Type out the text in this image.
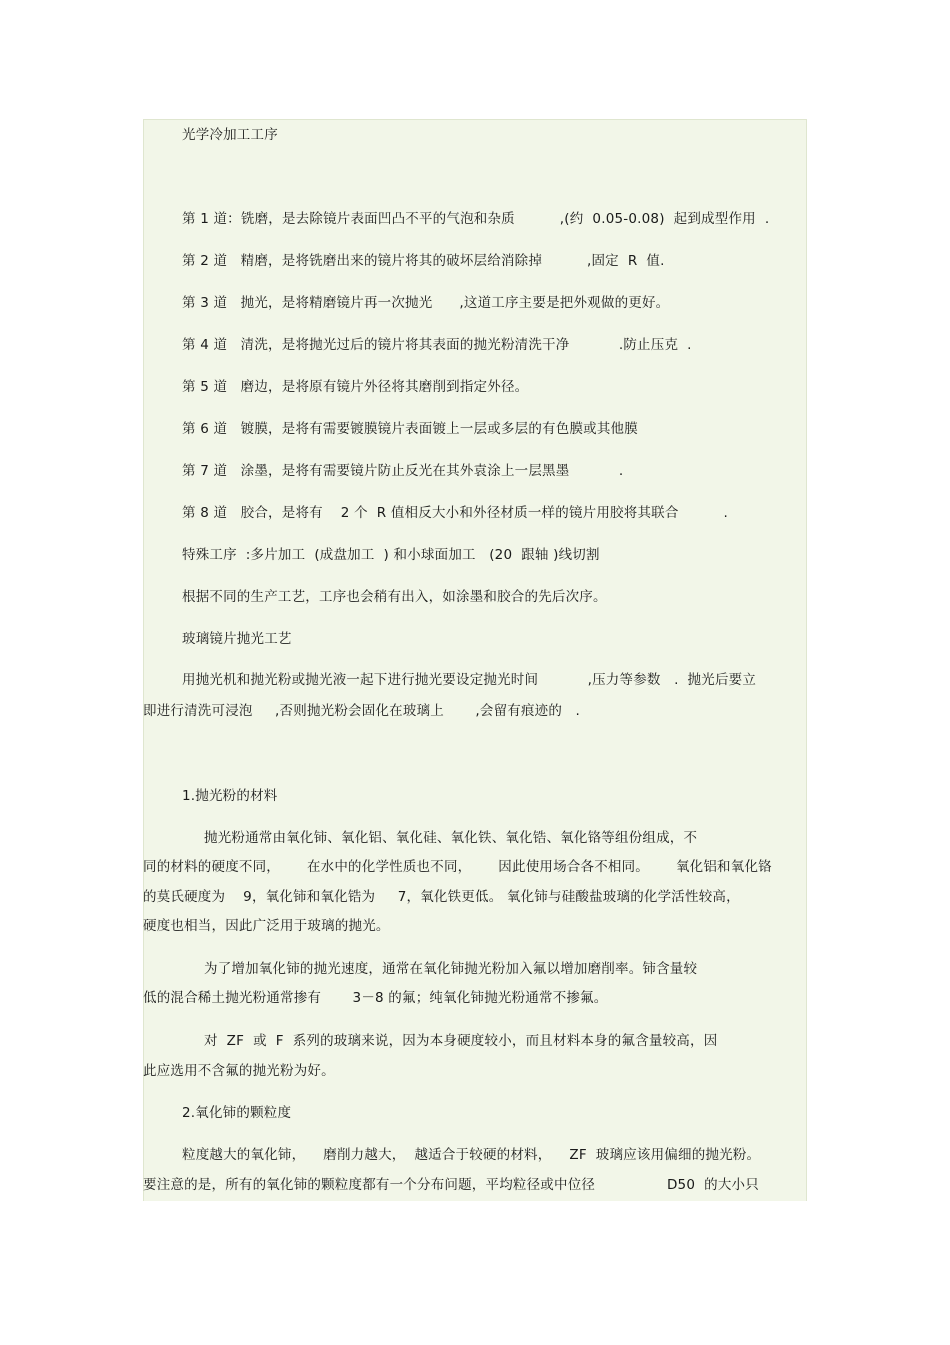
光学冷加工工序
第 1 道：铣磨，是去除镜片表面凹凸不平的气泡和杂质          ,(约  0.05-0.08)  起到成型作用  .
第 2 道   精磨，是将铣磨出来的镜片将其的破坏层给消除掉          ,固定  R  值.
第 3 道   抛光，是将精磨镜片再一次抛光      ,这道工序主要是把外观做的更好。
第 4 道   清洗，是将抛光过后的镜片将其表面的抛光粉清洗干净           .防止压克  .
第 5 道   磨边，是将原有镜片外径将其磨削到指定外径。
第 6 道   镀膜，是将有需要镀膜镜片表面镀上一层或多层的有色膜或其他膜
第 7 道   涂墨，是将有需要镜片防止反光在其外袁涂上一层黑墨           .
第 8 道   胶合，是将有    2 个  R 值相反大小和外径材质一样的镜片用胶将其联合          .
特殊工序  :多片加工  (成盘加工  ) 和小球面加工   (20  跟轴 )线切割
根据不同的生产工艺，工序也会稍有出入，如涂墨和胶合的先后次序。
玻璃镜片抛光工艺
用抛光机和抛光粉或抛光液一起下进行抛光要设定抛光时间           ,压力等参数   .  抛光后要立
即进行清洗可浸泡     ,否则抛光粉会固化在玻璃上       ,会留有痕迹的   .
1.抛光粉的材料
抛光粉通常由氧化铈、氧化铝、氧化硅、氧化铁、氧化锆、氧化铬等组份组成，不
同的材料的硬度不同，      在水中的化学性质也不同，      因此使用场合各不相同。      氧化铝和氧化铬
的莫氏硬度为    9，氧化铈和氧化锆为     7，氧化铁更低。 氧化铈与硅酸盐玻璃的化学活性较高，
硬度也相当，因此广泛用于玻璃的抛光。
为了增加氧化铈的抛光速度，通常在氧化铈抛光粉加入氟以增加磨削率。铈含量较
低的混合稀土抛光粉通常掺有       3－8 的氟；纯氧化铈抛光粉通常不掺氟。
对  ZF  或  F  系列的玻璃来说，因为本身硬度较小，而且材料本身的氟含量较高，因
此应选用不含氟的抛光粉为好。
2.氧化铈的颗粒度
粒度越大的氧化铈，    磨削力越大，  越适合于较硬的材料，    ZF  玻璃应该用偏细的抛光粉。
要注意的是，所有的氧化铈的颗粒度都有一个分布问题，平均粒径或中位径                D50  的大小只
